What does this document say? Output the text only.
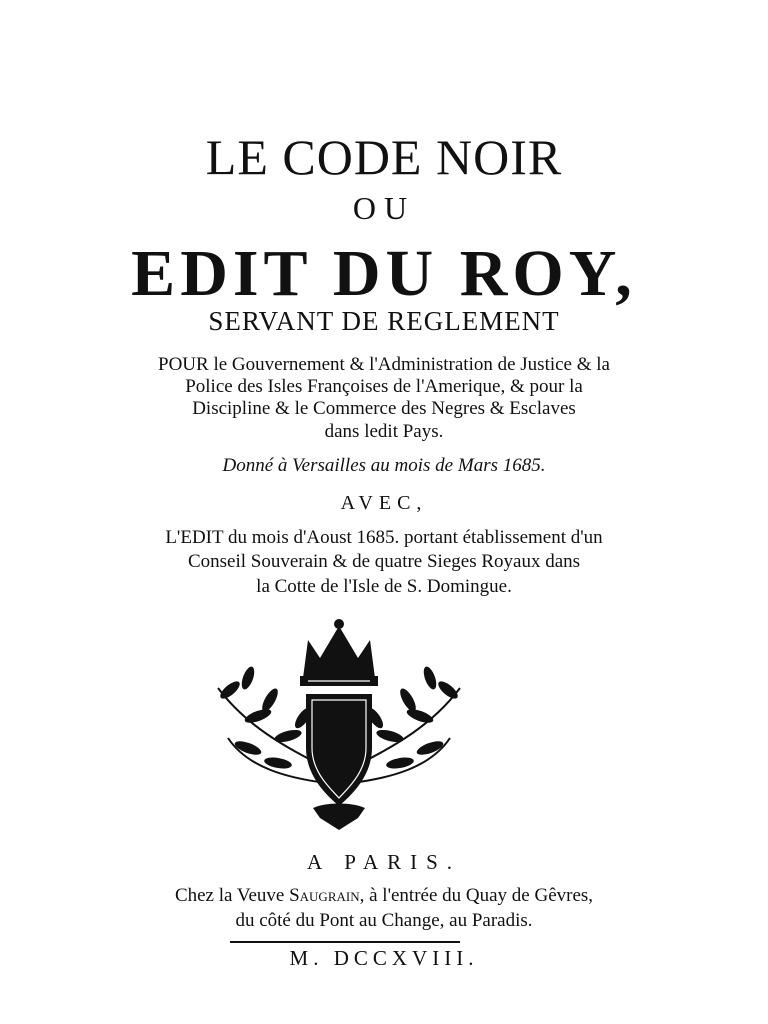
LE CODE NOIR
OU
EDIT DU ROY,
SERVANT DE REGLEMENT
POUR le Gouvernement & l'Administration de Justice & la
Police des Isles Françoises de l'Amerique, & pour la
Discipline & le Commerce des Negres & Esclaves
dans ledit Pays.
Donné à Versailles au mois de Mars 1685.
AVEC,
L'EDIT du mois d'Aoust 1685. portant établissement d'un
Conseil Souverain & de quatre Sieges Royaux dans
la Cotte de l'Isle de S. Domingue.
A PARIS.
Chez la Veuve Saugrain, à l'entrée du Quay de Gêvres,
du côté du Pont au Change, au Paradis.
M. DCCXVIII.
